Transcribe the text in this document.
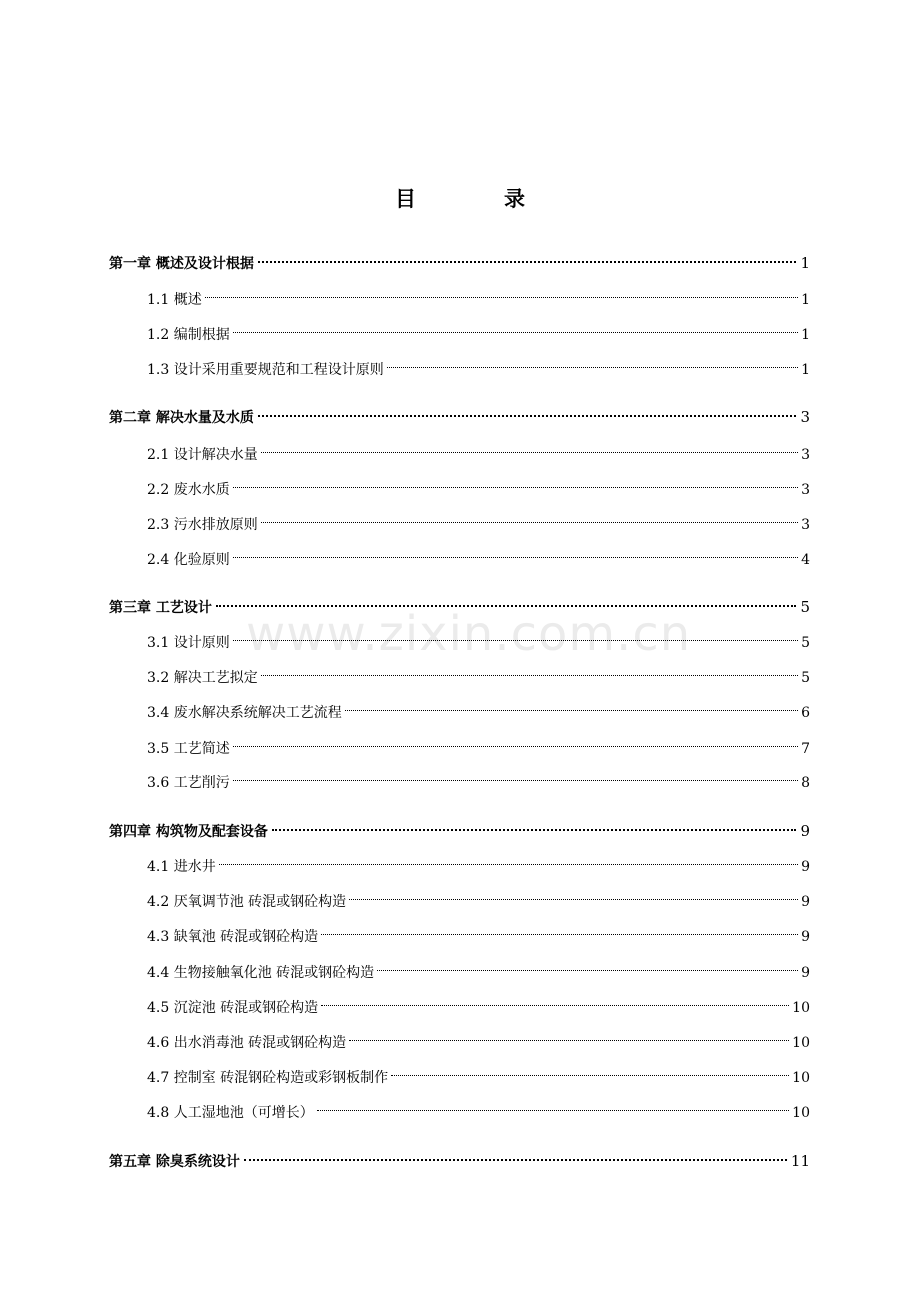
目	录
www.zixin.com.cn
第一章 概述及设计根据	1
1.1 概述	1
1.2 编制根据	1
1.3 设计采用重要规范和工程设计原则	1
第二章 解决水量及水质	3
2.1 设计解决水量	3
2.2 废水水质	3
2.3 污水排放原则	3
2.4 化验原则	4
第三章 工艺设计	5
3.1 设计原则	5
3.2 解决工艺拟定	5
3.4 废水解决系统解决工艺流程	6
3.5 工艺简述	7
3.6 工艺削污	8
第四章 构筑物及配套设备	9
4.1 进水井	9
4.2 厌氧调节池 砖混或钢砼构造	9
4.3 缺氧池 砖混或钢砼构造	9
4.4 生物接触氧化池 砖混或钢砼构造	9
4.5 沉淀池 砖混或钢砼构造	10
4.6 出水消毒池 砖混或钢砼构造	10
4.7 控制室 砖混钢砼构造或彩钢板制作	10
4.8 人工湿地池（可增长）	10
第五章 除臭系统设计	11
